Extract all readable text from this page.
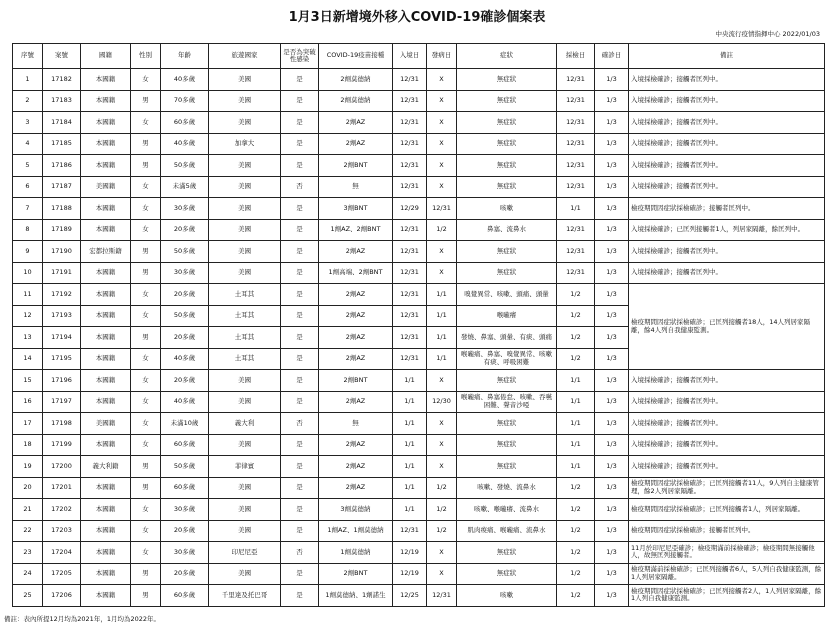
1月3日新增境外移入COVID-19確診個案表
中央流行疫情指揮中心 2022/01/03
序號	案號	國籍	性別	年齡	旅遊國家	是否為突破性感染	COVID-19疫苗接種	入境日	發病日	症狀	採檢日	確診日	備註
1	17182	本國籍	女	40多歲	美國	是	2劑莫德納	12/31	X	無症狀	12/31	1/3	入境採檢確診；接觸者匡列中。
2	17183	本國籍	男	70多歲	美國	是	2劑莫德納	12/31	X	無症狀	12/31	1/3	入境採檢確診；接觸者匡列中。
3	17184	本國籍	女	60多歲	美國	是	2劑AZ	12/31	X	無症狀	12/31	1/3	入境採檢確診；接觸者匡列中。
4	17185	本國籍	男	40多歲	加拿大	是	2劑AZ	12/31	X	無症狀	12/31	1/3	入境採檢確診；接觸者匡列中。
5	17186	本國籍	男	50多歲	美國	是	2劑BNT	12/31	X	無症狀	12/31	1/3	入境採檢確診；接觸者匡列中。
6	17187	美國籍	女	未滿5歲	美國	否	無	12/31	X	無症狀	12/31	1/3	入境採檢確診；接觸者匡列中。
7	17188	本國籍	女	30多歲	美國	是	3劑BNT	12/29	12/31	咳嗽	1/1	1/3	檢疫期間因症狀採檢確診；接觸者匡列中。
8	17189	本國籍	女	20多歲	美國	是	1劑AZ、2劑BNT	12/31	1/2	鼻塞、流鼻水	12/31	1/3	入境採檢確診；已匡列接觸者1人，列居家隔離，餘匡列中。
9	17190	宏都拉斯籍	男	50多歲	美國	是	2劑AZ	12/31	X	無症狀	12/31	1/3	入境採檢確診；接觸者匡列中。
10	17191	本國籍	男	30多歲	美國	是	1劑高端、2劑BNT	12/31	X	無症狀	12/31	1/3	入境採檢確診；接觸者匡列中。
11	17192	本國籍	女	20多歲	土耳其	是	2劑AZ	12/31	1/1	嗅覺異常、咳嗽、頭痛、頭暈	1/2	1/3	檢疫期間因症狀採檢確診；已匡列接觸者18人，14人列居家隔離，餘4人列自我健康監測。
12	17193	本國籍	女	50多歲	土耳其	是	2劑AZ	12/31	1/1	喉嚨癢	1/2	1/3	
13	17194	本國籍	男	20多歲	土耳其	是	2劑AZ	12/31	1/1	發燒、鼻塞、頭暈、有痰、頭痛	1/2	1/3	
14	17195	本國籍	女	40多歲	土耳其	是	2劑AZ	12/31	1/1	喉嚨痛、鼻塞、嗅覺異常、咳嗽有痰、呼吸困難	1/2	1/3	
15	17196	本國籍	女	20多歲	美國	是	2劑BNT	1/1	X	無症狀	1/1	1/3	入境採檢確診；接觸者匡列中。
16	17197	本國籍	女	40多歲	美國	是	2劑AZ	1/1	12/30	喉嚨痛、鼻塞倦怠、咳嗽、吞嚥困難、聲音沙啞	1/1	1/3	入境採檢確診；接觸者匡列中。
17	17198	美國籍	女	未滿10歲	義大利	否	無	1/1	X	無症狀	1/1	1/3	入境採檢確診；接觸者匡列中。
18	17199	本國籍	女	60多歲	美國	是	2劑AZ	1/1	X	無症狀	1/1	1/3	入境採檢確診；接觸者匡列中。
19	17200	義大利籍	男	50多歲	菲律賓	是	2劑AZ	1/1	X	無症狀	1/1	1/3	入境採檢確診；接觸者匡列中。
20	17201	本國籍	男	60多歲	美國	是	2劑AZ	1/1	1/2	咳嗽、發燒、流鼻水	1/2	1/3	檢疫期間因症狀採檢確診；已匡列接觸者11人，9人列自主健康管理，餘2人列居家隔離。
21	17202	本國籍	女	30多歲	美國	是	3劑莫德納	1/1	1/2	咳嗽、喉嚨癢、流鼻水	1/2	1/3	檢疫期間因症狀採檢確診；已匡列接觸者1人，列居家隔離。
22	17203	本國籍	女	20多歲	美國	是	1劑AZ、1劑莫德納	12/31	1/2	肌肉痠痛、喉嚨痛、流鼻水	1/2	1/3	檢疫期間因症狀採檢確診；接觸者匡列中。
23	17204	本國籍	女	30多歲	印尼尼亞	否	1劑莫德納	12/19	X	無症狀	1/2	1/3	11月於印尼尼亞確診；檢疫期滿前採檢確診；檢疫期間無接觸他人，故無匡列接觸者。
24	17205	本國籍	男	20多歲	美國	是	2劑BNT	12/19	X	無症狀	1/2	1/3	檢疫期滿前採檢確診；已匡列接觸者6人，5人列自我健康監測，餘1人列居家隔離。
25	17206	本國籍	男	60多歲	千里達及托巴哥	是	1劑莫德納、1劑諾生	12/25	12/31	咳嗽	1/2	1/3	檢疫期間因症狀採檢確診；已匡列接觸者2人，1人列居家隔離，餘1人列自我健康監測。
備註：表內所提12月均為2021年，1月均為2022年。
